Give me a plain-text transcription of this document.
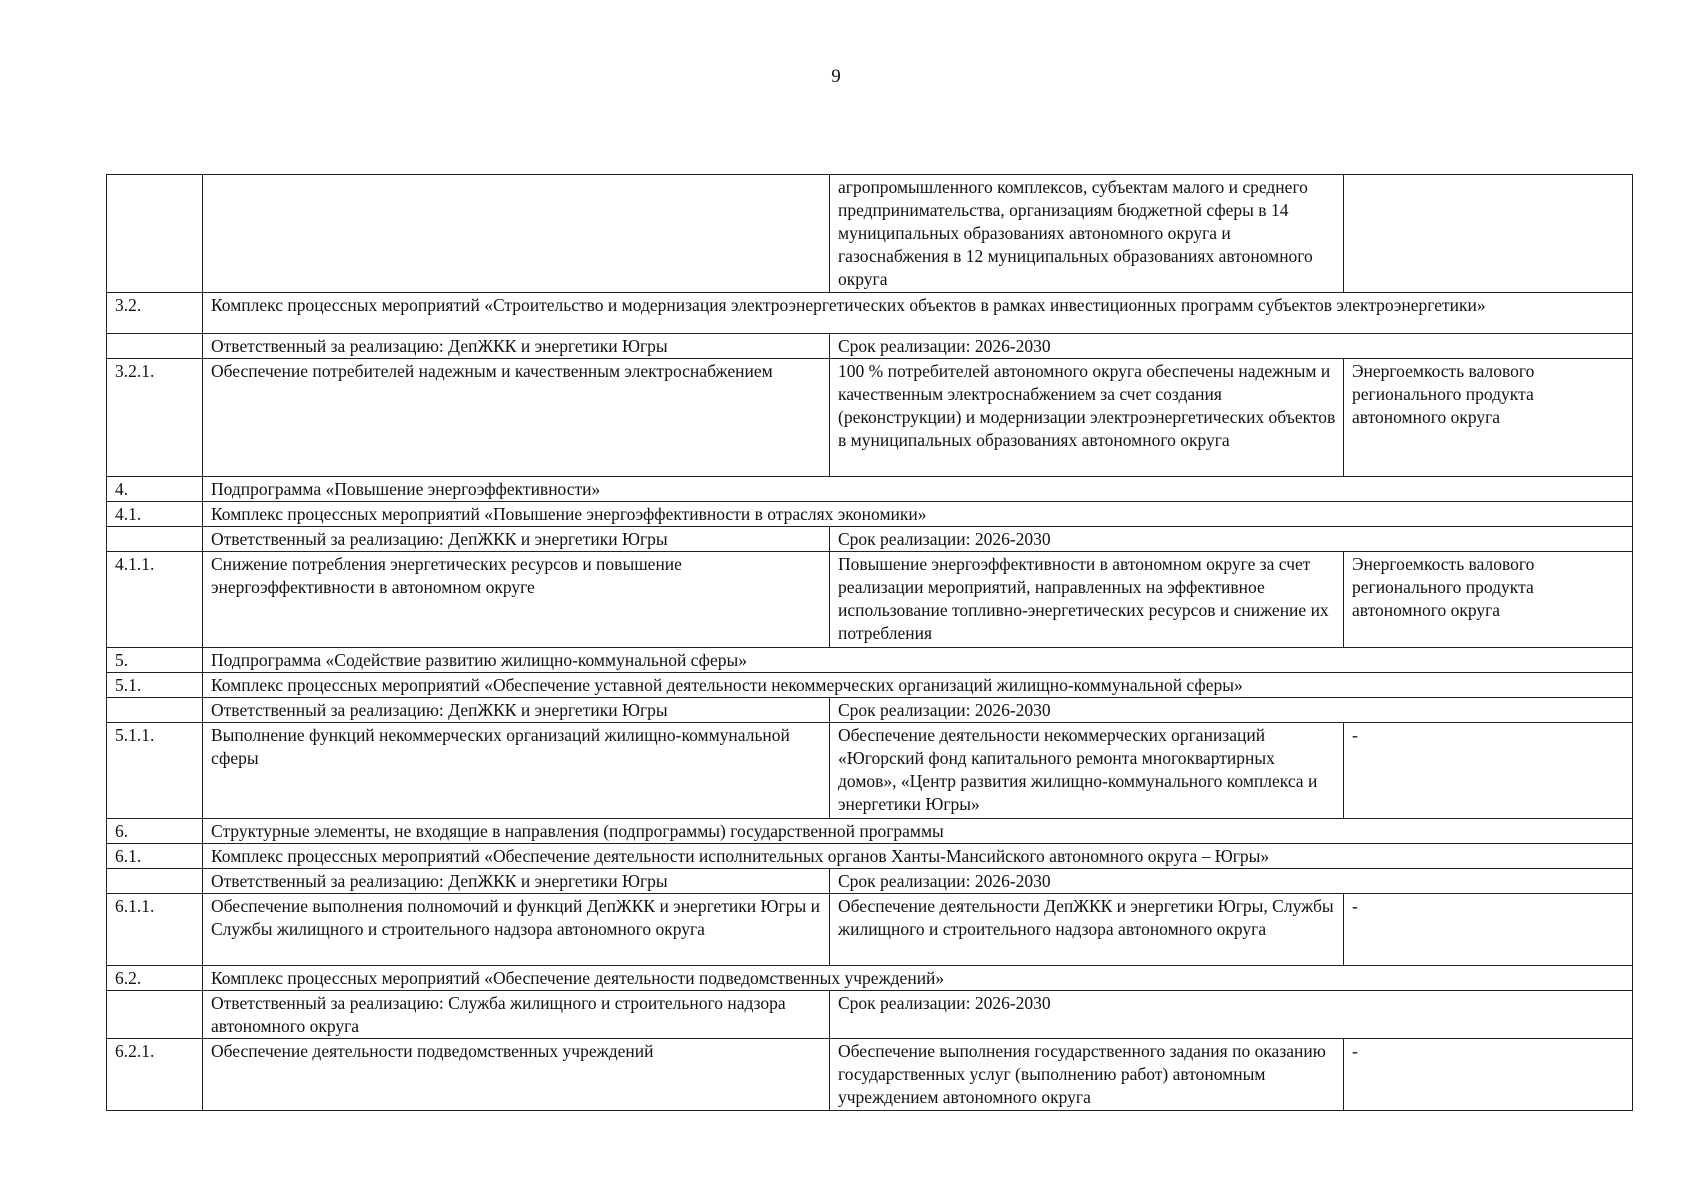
9
		агропромышленного комплексов, субъектам малого и среднего предпринимательства, организациям бюджетной сферы в 14 муниципальных образованиях автономного округа и газоснабжения в 12 муниципальных образованиях автономного округа	
3.2.	Комплекс процессных мероприятий «Строительство и модернизация электроэнергетических объектов в рамках инвестиционных программ субъектов электроэнергетики»		
	Ответственный за реализацию: ДепЖКК и энергетики Югры	Срок реализации: 2026-2030	
3.2.1.	Обеспечение потребителей надежным и качественным электроснабжением	100 % потребителей автономного округа обеспечены надежным и качественным электроснабжением за счет создания (реконструкции) и модернизации электроэнергетических объектов в муниципальных образованиях автономного округа	Энергоемкость валового регионального продукта автономного округа
4.	Подпрограмма «Повышение энергоэффективности»		
4.1.	Комплекс процессных мероприятий «Повышение энергоэффективности в отраслях экономики»		
	Ответственный за реализацию: ДепЖКК и энергетики Югры	Срок реализации: 2026-2030	
4.1.1.	Снижение потребления энергетических ресурсов и повышение энергоэффективности в автономном округе	Повышение энергоэффективности в автономном округе за счет реализации мероприятий, направленных на эффективное использование топливно-энергетических ресурсов и снижение их потребления	Энергоемкость валового регионального продукта автономного округа
5.	Подпрограмма «Содействие развитию жилищно-коммунальной сферы»		
5.1.	Комплекс процессных мероприятий «Обеспечение уставной деятельности некоммерческих организаций жилищно-коммунальной сферы»		
	Ответственный за реализацию: ДепЖКК и энергетики Югры	Срок реализации: 2026-2030	
5.1.1.	Выполнение функций некоммерческих организаций жилищно-коммунальной сферы	Обеспечение деятельности некоммерческих организаций «Югорский фонд капитального ремонта многоквартирных домов», «Центр развития жилищно-коммунального комплекса и энергетики Югры»	-
6.	Структурные элементы, не входящие в направления (подпрограммы) государственной программы		
6.1.	Комплекс процессных мероприятий «Обеспечение деятельности исполнительных органов Ханты-Мансийского автономного округа – Югры»		
	Ответственный за реализацию: ДепЖКК и энергетики Югры	Срок реализации: 2026-2030	
6.1.1.	Обеспечение выполнения полномочий и функций ДепЖКК и энергетики Югры и Службы жилищного и строительного надзора автономного округа	Обеспечение деятельности ДепЖКК и энергетики Югры, Службы жилищного и строительного надзора автономного округа	-
6.2.	Комплекс процессных мероприятий «Обеспечение деятельности подведомственных учреждений»		
	Ответственный за реализацию: Служба жилищного и строительного надзора автономного округа	Срок реализации: 2026-2030	
6.2.1.	Обеспечение деятельности подведомственных учреждений	Обеспечение выполнения государственного задания по оказанию государственных услуг (выполнению работ) автономным учреждением автономного округа	-
